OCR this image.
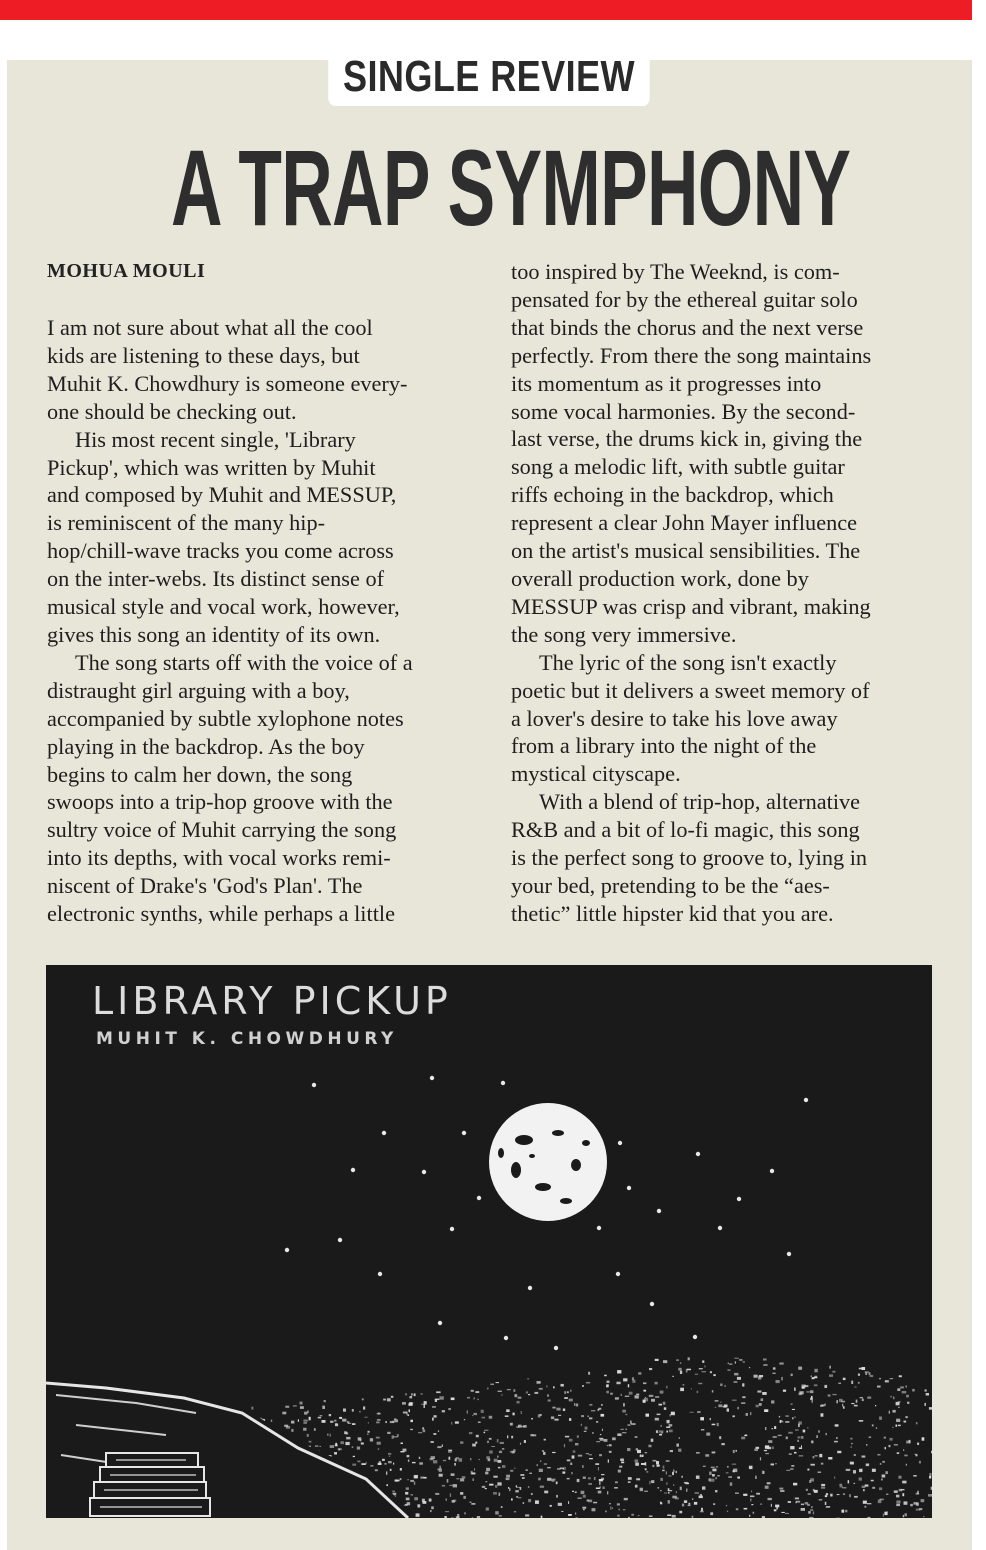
SINGLE REVIEW
A TRAP SYMPHONY
MOHUA MOULI

I am not sure about what all the cool

kids are listening to these days, but

Muhit K. Chowdhury is someone every-

one should be checking out.

His most recent single, 'Library

Pickup', which was written by Muhit

and composed by Muhit and MESSUP,

is reminiscent of the many hip-

hop/chill-wave tracks you come across

on the inter-webs. Its distinct sense of

musical style and vocal work, however,

gives this song an identity of its own.

The song starts off with the voice of a

distraught girl arguing with a boy,

accompanied by subtle xylophone notes

playing in the backdrop. As the boy

begins to calm her down, the song

swoops into a trip-hop groove with the

sultry voice of Muhit carrying the song

into its depths, with vocal works remi-

niscent of Drake's 'God's Plan'. The

electronic synths, while perhaps a little

too inspired by The Weeknd, is com-

pensated for by the ethereal guitar solo

that binds the chorus and the next verse

perfectly. From there the song maintains

its momentum as it progresses into

some vocal harmonies. By the second-

last verse, the drums kick in, giving the

song a melodic lift, with subtle guitar

riffs echoing in the backdrop, which

represent a clear John Mayer influence

on the artist's musical sensibilities. The

overall production work, done by

MESSUP was crisp and vibrant, making

the song very immersive.

The lyric of the song isn't exactly

poetic but it delivers a sweet memory of

a lover's desire to take his love away

from a library into the night of the

mystical cityscape.

With a blend of trip-hop, alternative

R&B and a bit of lo-fi magic, this song

is the perfect song to groove to, lying in

your bed, pretending to be the “aes-

thetic” little hipster kid that you are.

LIBRARY PICKUP
MUHIT K. CHOWDHURY
